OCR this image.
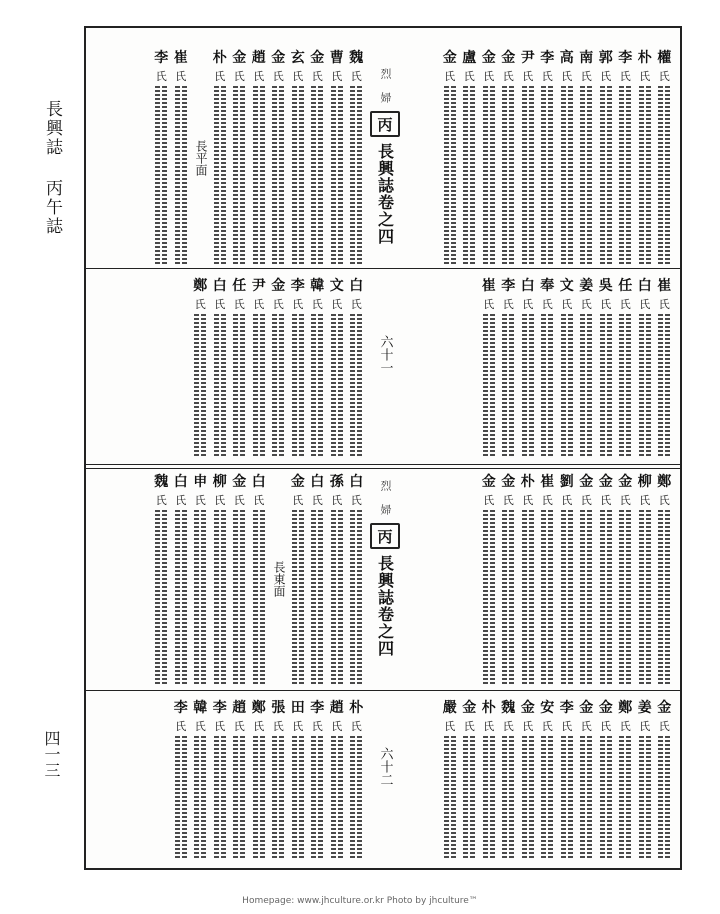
長興誌 丙午誌
四一三
烈 婦
丙
長興誌卷之四
六十一
權
氏
朴
氏
李
氏
郭
氏
南
氏
高
氏
李
氏
尹
氏
金
氏
金
氏
盧
氏
金
氏
魏
氏
曹
氏
金
氏
玄
氏
金
氏
趙
氏
金
氏
朴
氏
長平面
崔
氏
李
氏
崔
氏
白
氏
任
氏
吳
氏
姜
氏
文
氏
奉
氏
白
氏
李
氏
崔
氏
白
氏
文
氏
韓
氏
李
氏
金
氏
尹
氏
任
氏
白
氏
鄭
氏
烈 婦
丙
長興誌卷之四
六十二
鄭
氏
柳
氏
金
氏
金
氏
金
氏
劉
氏
崔
氏
朴
氏
金
氏
金
氏
白
氏
孫
氏
白
氏
金
氏
長東面
白
氏
金
氏
柳
氏
申
氏
白
氏
魏
氏
金
氏
姜
氏
鄭
氏
金
氏
金
氏
李
氏
安
氏
金
氏
魏
氏
朴
氏
金
氏
嚴
氏
朴
氏
趙
氏
李
氏
田
氏
張
氏
鄭
氏
趙
氏
李
氏
韓
氏
李
氏
Homepage: www.jhculture.or.kr Photo by jhculture™
